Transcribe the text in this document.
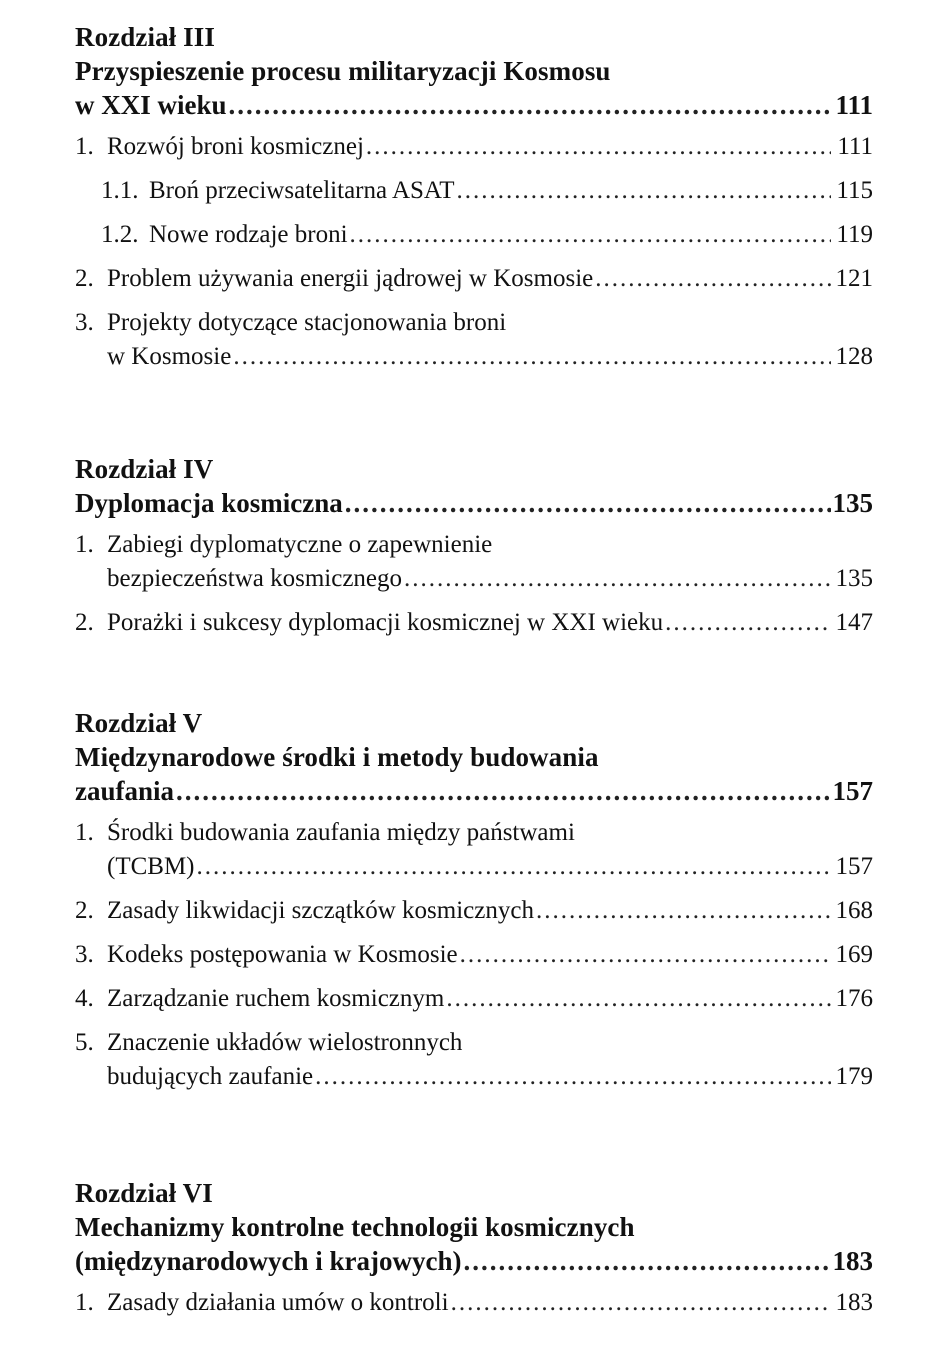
Rozdział III
Przyspieszenie procesu militaryzacji Kosmosu
w XXI wieku .....	111
1. Rozwój broni kosmicznej .....	111
1.1. Broń przeciwsatelitarna ASAT .....	115
1.2. Nowe rodzaje broni .....	119
2. Problem używania energii jądrowej w Kosmosie .....	121
3. Projekty dotyczące stacjonowania broni
w Kosmosie .....	128
Rozdział IV
Dyplomacja kosmiczna .....	135
1. Zabiegi dyplomatyczne o zapewnienie
bezpieczeństwa kosmicznego .....	135
2. Porażki i sukcesy dyplomacji kosmicznej w XXI wieku .....	147
Rozdział V
Międzynarodowe środki i metody budowania
zaufania .....	157
1. Środki budowania zaufania między państwami
(TCBM) .....	157
2. Zasady likwidacji szczątków kosmicznych .....	168
3. Kodeks postępowania w Kosmosie .....	169
4. Zarządzanie ruchem kosmicznym .....	176
5. Znaczenie układów wielostronnych
budujących zaufanie .....	179
Rozdział VI
Mechanizmy kontrolne technologii kosmicznych
(międzynarodowych i krajowych) .....	183
1. Zasady działania umów o kontroli .....	183
